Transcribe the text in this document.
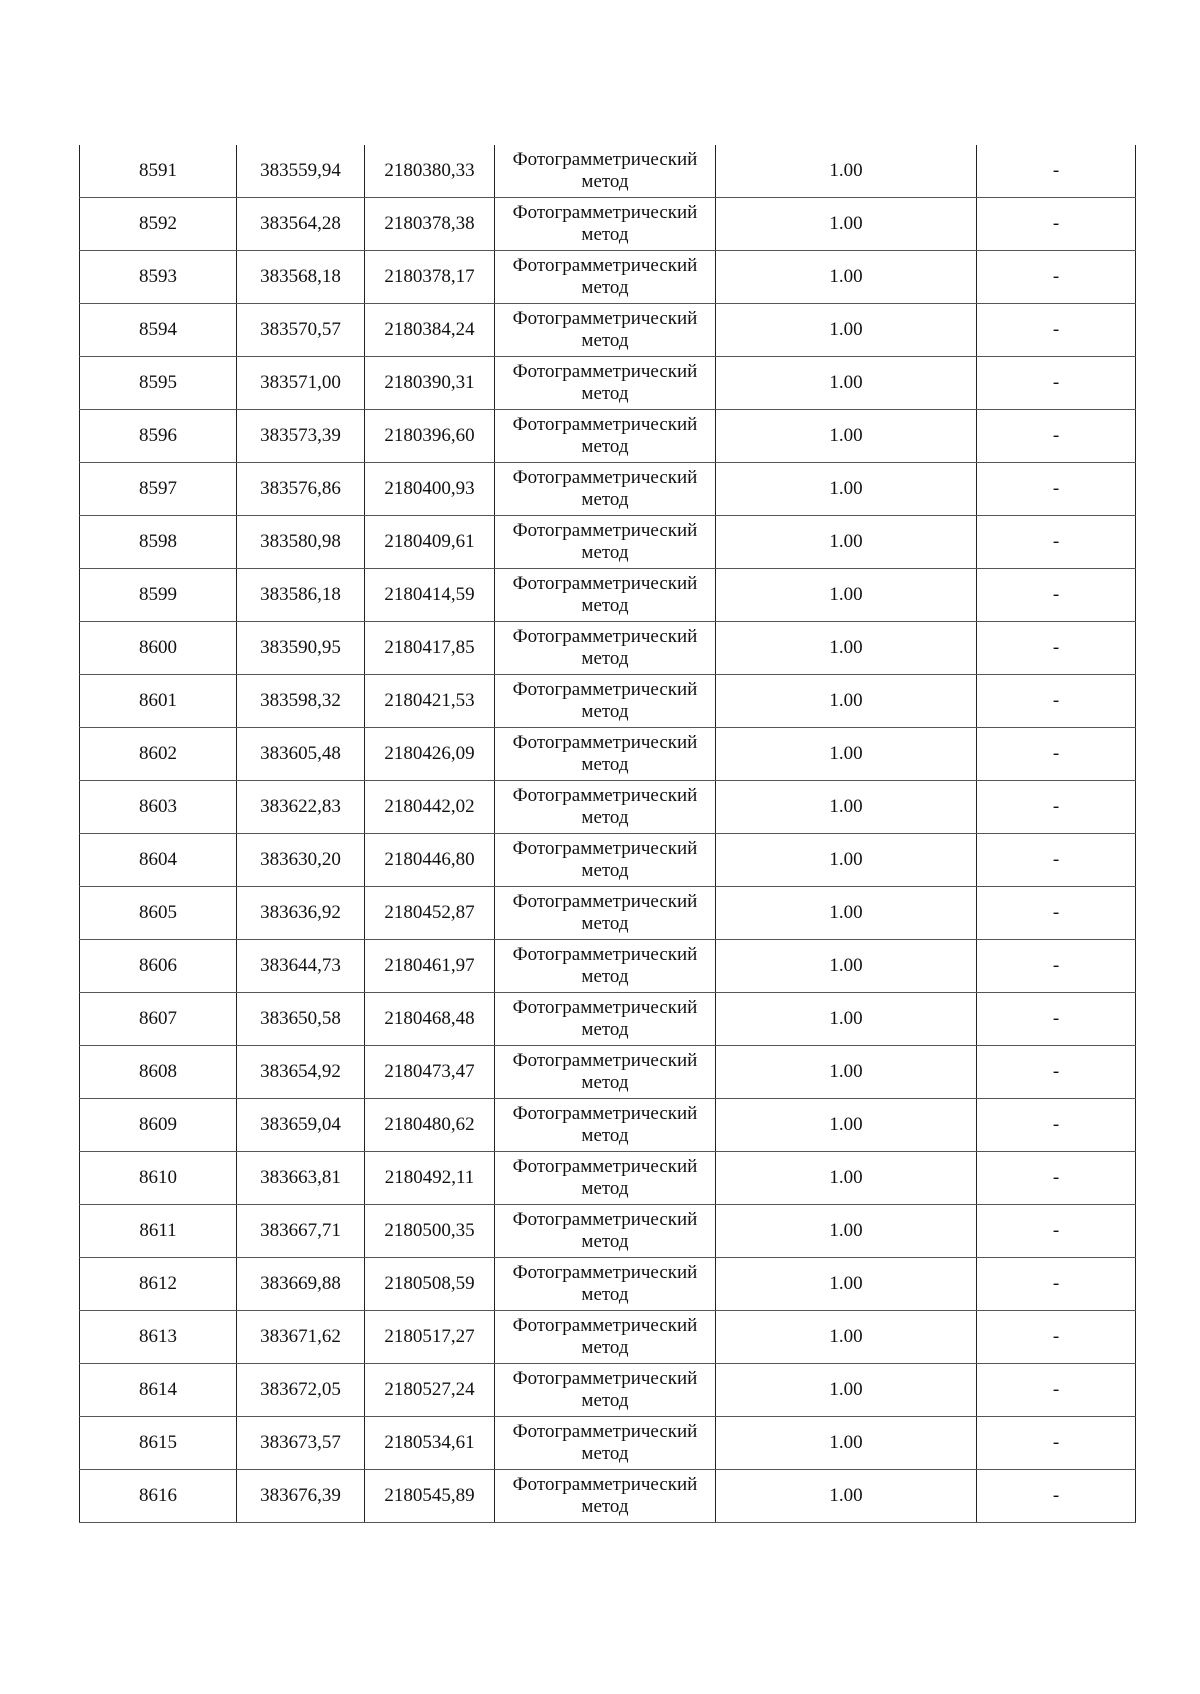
8591	383559,94	2180380,33	Фотограмметрический метод	1.00	-
8592	383564,28	2180378,38	Фотограмметрический метод	1.00	-
8593	383568,18	2180378,17	Фотограмметрический метод	1.00	-
8594	383570,57	2180384,24	Фотограмметрический метод	1.00	-
8595	383571,00	2180390,31	Фотограмметрический метод	1.00	-
8596	383573,39	2180396,60	Фотограмметрический метод	1.00	-
8597	383576,86	2180400,93	Фотограмметрический метод	1.00	-
8598	383580,98	2180409,61	Фотограмметрический метод	1.00	-
8599	383586,18	2180414,59	Фотограмметрический метод	1.00	-
8600	383590,95	2180417,85	Фотограмметрический метод	1.00	-
8601	383598,32	2180421,53	Фотограмметрический метод	1.00	-
8602	383605,48	2180426,09	Фотограмметрический метод	1.00	-
8603	383622,83	2180442,02	Фотограмметрический метод	1.00	-
8604	383630,20	2180446,80	Фотограмметрический метод	1.00	-
8605	383636,92	2180452,87	Фотограмметрический метод	1.00	-
8606	383644,73	2180461,97	Фотограмметрический метод	1.00	-
8607	383650,58	2180468,48	Фотограмметрический метод	1.00	-
8608	383654,92	2180473,47	Фотограмметрический метод	1.00	-
8609	383659,04	2180480,62	Фотограмметрический метод	1.00	-
8610	383663,81	2180492,11	Фотограмметрический метод	1.00	-
8611	383667,71	2180500,35	Фотограмметрический метод	1.00	-
8612	383669,88	2180508,59	Фотограмметрический метод	1.00	-
8613	383671,62	2180517,27	Фотограмметрический метод	1.00	-
8614	383672,05	2180527,24	Фотограмметрический метод	1.00	-
8615	383673,57	2180534,61	Фотограмметрический метод	1.00	-
8616	383676,39	2180545,89	Фотограмметрический метод	1.00	-
